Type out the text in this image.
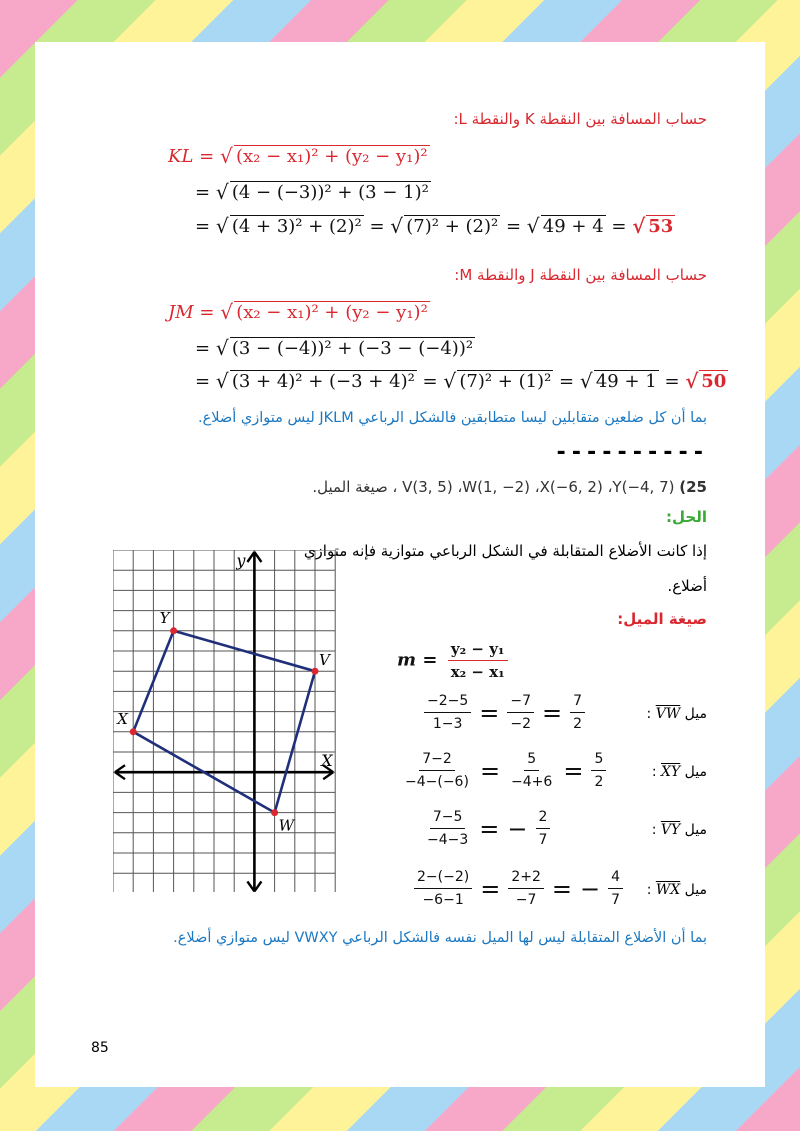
حساب المسافة بين النقطة K والنقطة L:
KL = √ (x₂ − x₁)² + (y₂ − y₁)²
= √ (4 − (−3))² + (3 − 1)²
= √ (4 + 3)² + (2)² = √ (7)² + (2)² = √ 49 + 4 = √ 53
حساب المسافة بين النقطة J والنقطة M:
JM = √ (x₂ − x₁)² + (y₂ − y₁)²
= √ (3 − (−4))² + (−3 − (−4))²
= √ (3 + 4)² + (−3 + 4)² = √ (7)² + (1)² = √ 49 + 1 = √ 50
بما أن كل ضلعين متقابلين ليسا متطابقين فالشكل الرباعي JKLM ليس متوازي أضلاع.
----------
25) V(3, 5) ،W(1, −2) ،X(−6, 2) ،Y(−4, 7) ، صيغة الميل.
الحل:
إذا كانت الأضلاع المتقابلة في الشكل الرباعي متوازية فإنه متوازي
أضلاع.
صيغة الميل:
$m = \frac{\text{y₂ − y₁}}{\text{x₂ − x₁}}$
$\frac{-2-5}{1-3} = \frac{-7}{-2} = \frac{7}{2}$	ميل VW :
$\frac{7-2}{-4-(-6)} = \frac{5}{-4+6} = \frac{5}{2}$	ميل XY :
$\frac{7-5}{-4-3}$ = − $\frac{2}{7}$	ميل VY :
$\frac{2-(-2)}{-6-1} = \frac{2+2}{-7}$ = − $\frac{4}{7}$	ميل WX :
بما أن الأضلاع المتقابلة ليس لها الميل نفسه فالشكل الرباعي VWXY ليس متوازي أضلاع.
85
X
y
Y
V
W
X
